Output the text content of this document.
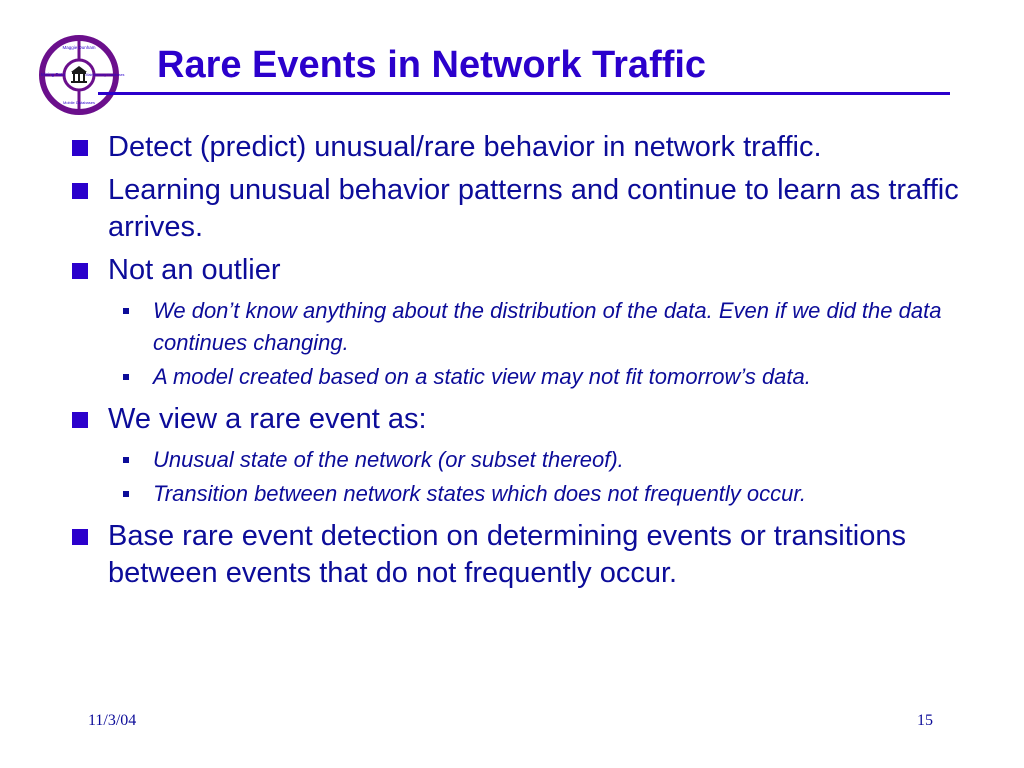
Maggie Dunham
Mining Data	MainMemory Databases
Mobile Databases
Rare Events in Network Traffic
Detect (predict) unusual/rare behavior in network traffic.
Learning unusual behavior patterns and continue to learn as traffic arrives.
Not an outlier
We don’t know anything about the distribution of the data. Even if we did the data continues changing.
A model created based on a static view may not fit tomorrow’s data.
We view a rare event as:
Unusual state of the network (or subset thereof).
Transition between network states which does not frequently occur.
Base rare event detection on determining events or transitions between events that do not frequently occur.
11/3/04	15
